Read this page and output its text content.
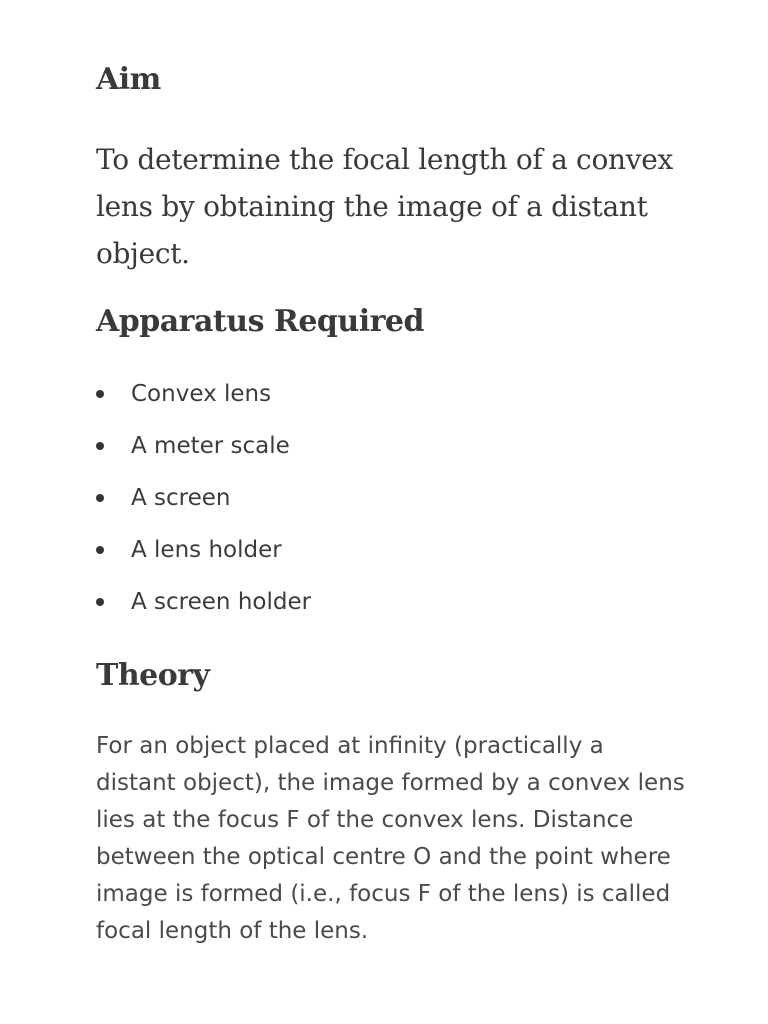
Aim

To determine the focal length of a convex lens by obtaining the image of a distant object.

Apparatus Required
Convex lens
A meter scale
A screen
A lens holder
A screen holder
Theory

For an object placed at infinity (practically a distant object), the image formed by a convex lens lies at the focus F of the convex lens. Distance between the optical centre O and the point where image is formed (i.e., focus F of the lens) is called focal length of the lens.
